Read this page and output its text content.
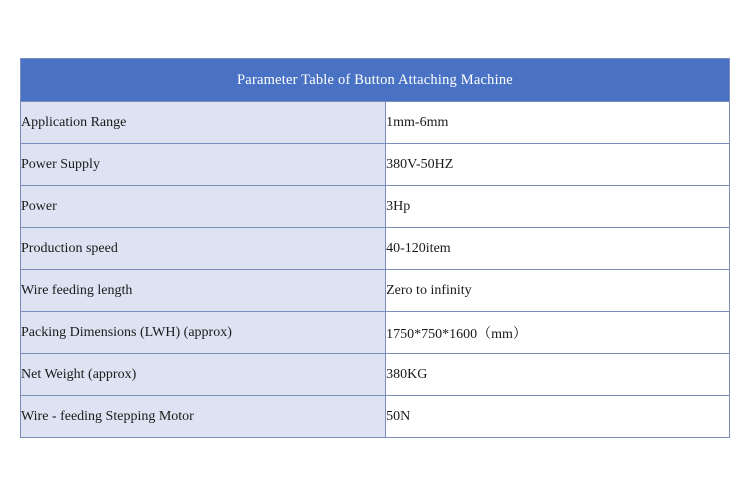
Parameter Table of Button Attaching Machine	
Application Range	1mm-6mm
Power Supply	380V-50HZ
Power	3Hp
Production speed	40-120item
Wire feeding length	Zero to infinity
Packing Dimensions (LWH) (approx)	1750*750*1600（mm）
Net Weight (approx)	380KG
Wire - feeding Stepping Motor	50N
